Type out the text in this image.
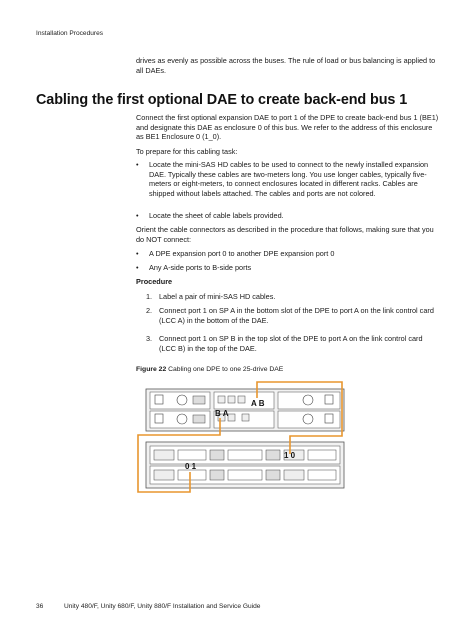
Installation Procedures
drives as evenly as possible across the buses. The rule of load or bus balancing is applied to all DAEs.
Cabling the first optional DAE to create back-end bus 1
Connect the first optional expansion DAE to port 1 of the DPE to create back-end bus 1 (BE1) and designate this DAE as enclosure 0 of this bus. We refer to the address of this enclosure as BE1 Enclosure 0 (1_0).
To prepare for this cabling task:
• Locate the mini-SAS HD cables to be used to connect to the newly installed expansion DAE. Typically these cables are two-meters long. You use longer cables, typically five-meters or eight-meters, to connect enclosures located in different racks. Cables are shipped without labels attached. The cables and ports are not colored.
• Locate the sheet of cable labels provided.
Orient the cable connectors as described in the procedure that follows, making sure that you do NOT connect:
• A DPE expansion port 0 to another DPE expansion port 0
• Any A-side ports to B-side ports
Procedure
1. Label a pair of mini-SAS HD cables.
2. Connect port 1 on SP A in the bottom slot of the DPE to port A on the link control card (LCC A) in the bottom of the DAE.
3. Connect port 1 on SP B in the top slot of the DPE to port A on the link control card (LCC B) in the top of the DAE.
Figure 22 Cabling one DPE to one 25-drive DAE
A B
B A
1 0
0 1
36	Unity 480/F, Unity 680/F, Unity 880/F Installation and Service Guide
